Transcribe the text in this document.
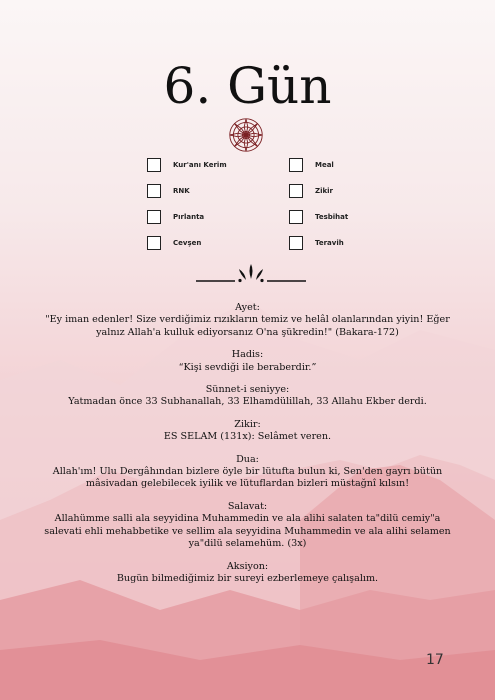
6. Gün
Kur'anı Kerim
RNK
Pırlanta
Cevşen
Meal
Zikir
Tesbihat
Teravih
Ayet:
"Ey iman edenler! Size verdiğimiz rızıkların temiz ve helâl olanlarından yiyin! Eğer yalnız Allah'a kulluk ediyorsanız O'na şükredin!" (Bakara-172)
Hadis:
“Kişi sevdiği ile beraberdir.”
Sünnet-i seniyye:
Yatmadan önce 33 Subhanallah, 33 Elhamdülillah, 33 Allahu Ekber derdi.
Zikir:
ES SELAM (131x): Selâmet veren.
Dua:
Allah'ım! Ulu Dergâhından bizlere öyle bir lütufta bulun ki, Sen'den gayrı bütün mâsivadan gelebilecek iyilik ve lütuflardan bizleri müstağnî kılsın!
Salavat:
Allahümme salli ala seyyidina Muhammedin ve ala alihi salaten ta"dilü cemiy"a salevati ehli mehabbetike ve sellim ala seyyidina Muhammedin ve ala alihi selamen ya"dilü selamehüm. (3x)
Aksiyon:
Bugün bilmediğimiz bir sureyi ezberlemeye çalışalım.
17
